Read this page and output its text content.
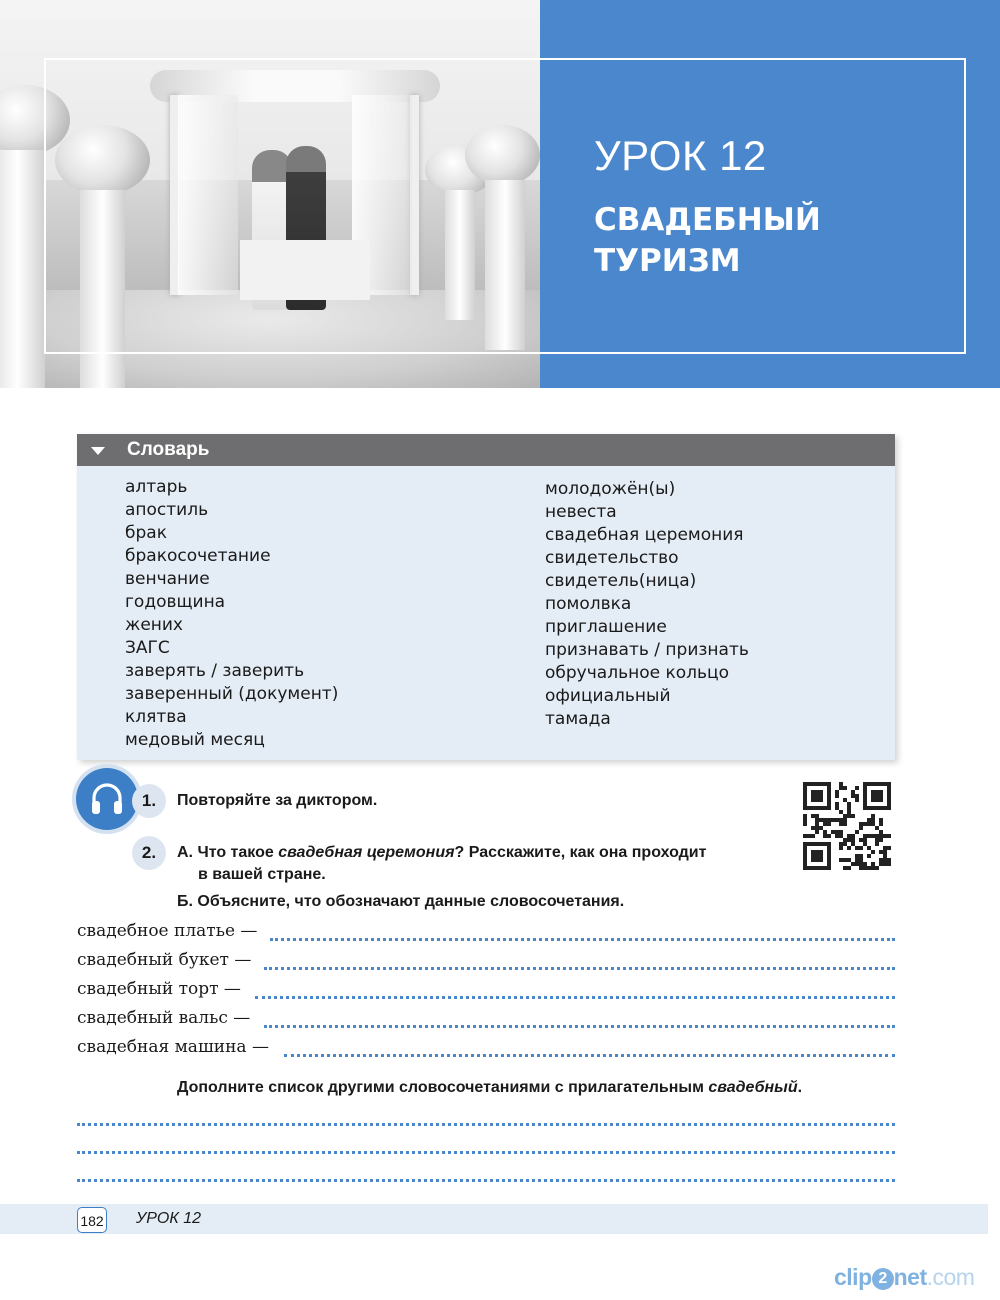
УРОК 12
СВАДЕБНЫЙ
ТУРИЗМ
Словарь
алтарь
апостиль
брак
бракосочетание
венчание
годовщина
жених
ЗАГС
заверять / заверить
заверенный (документ)
клятва
медовый месяц
молодожён(ы)
невеста
свадебная церемония
свидетельство
свидетель(ница)
помолвка
приглашение
признавать / признать
обручальное кольцо
официальный
тамада
1.	Повторяйте за диктором.
2.	А. Что такое свадебная церемония? Расскажите, как она проходит
в вашей стране.
Б. Объясните, что обозначают данные словосочетания.
свадебное платье —
свадебный букет —
свадебный торт —
свадебный вальс —
свадебная машина —
Дополните список другими словосочетаниями с прилагательным свадебный.
182 УРОК 12
clip 2 net.com
